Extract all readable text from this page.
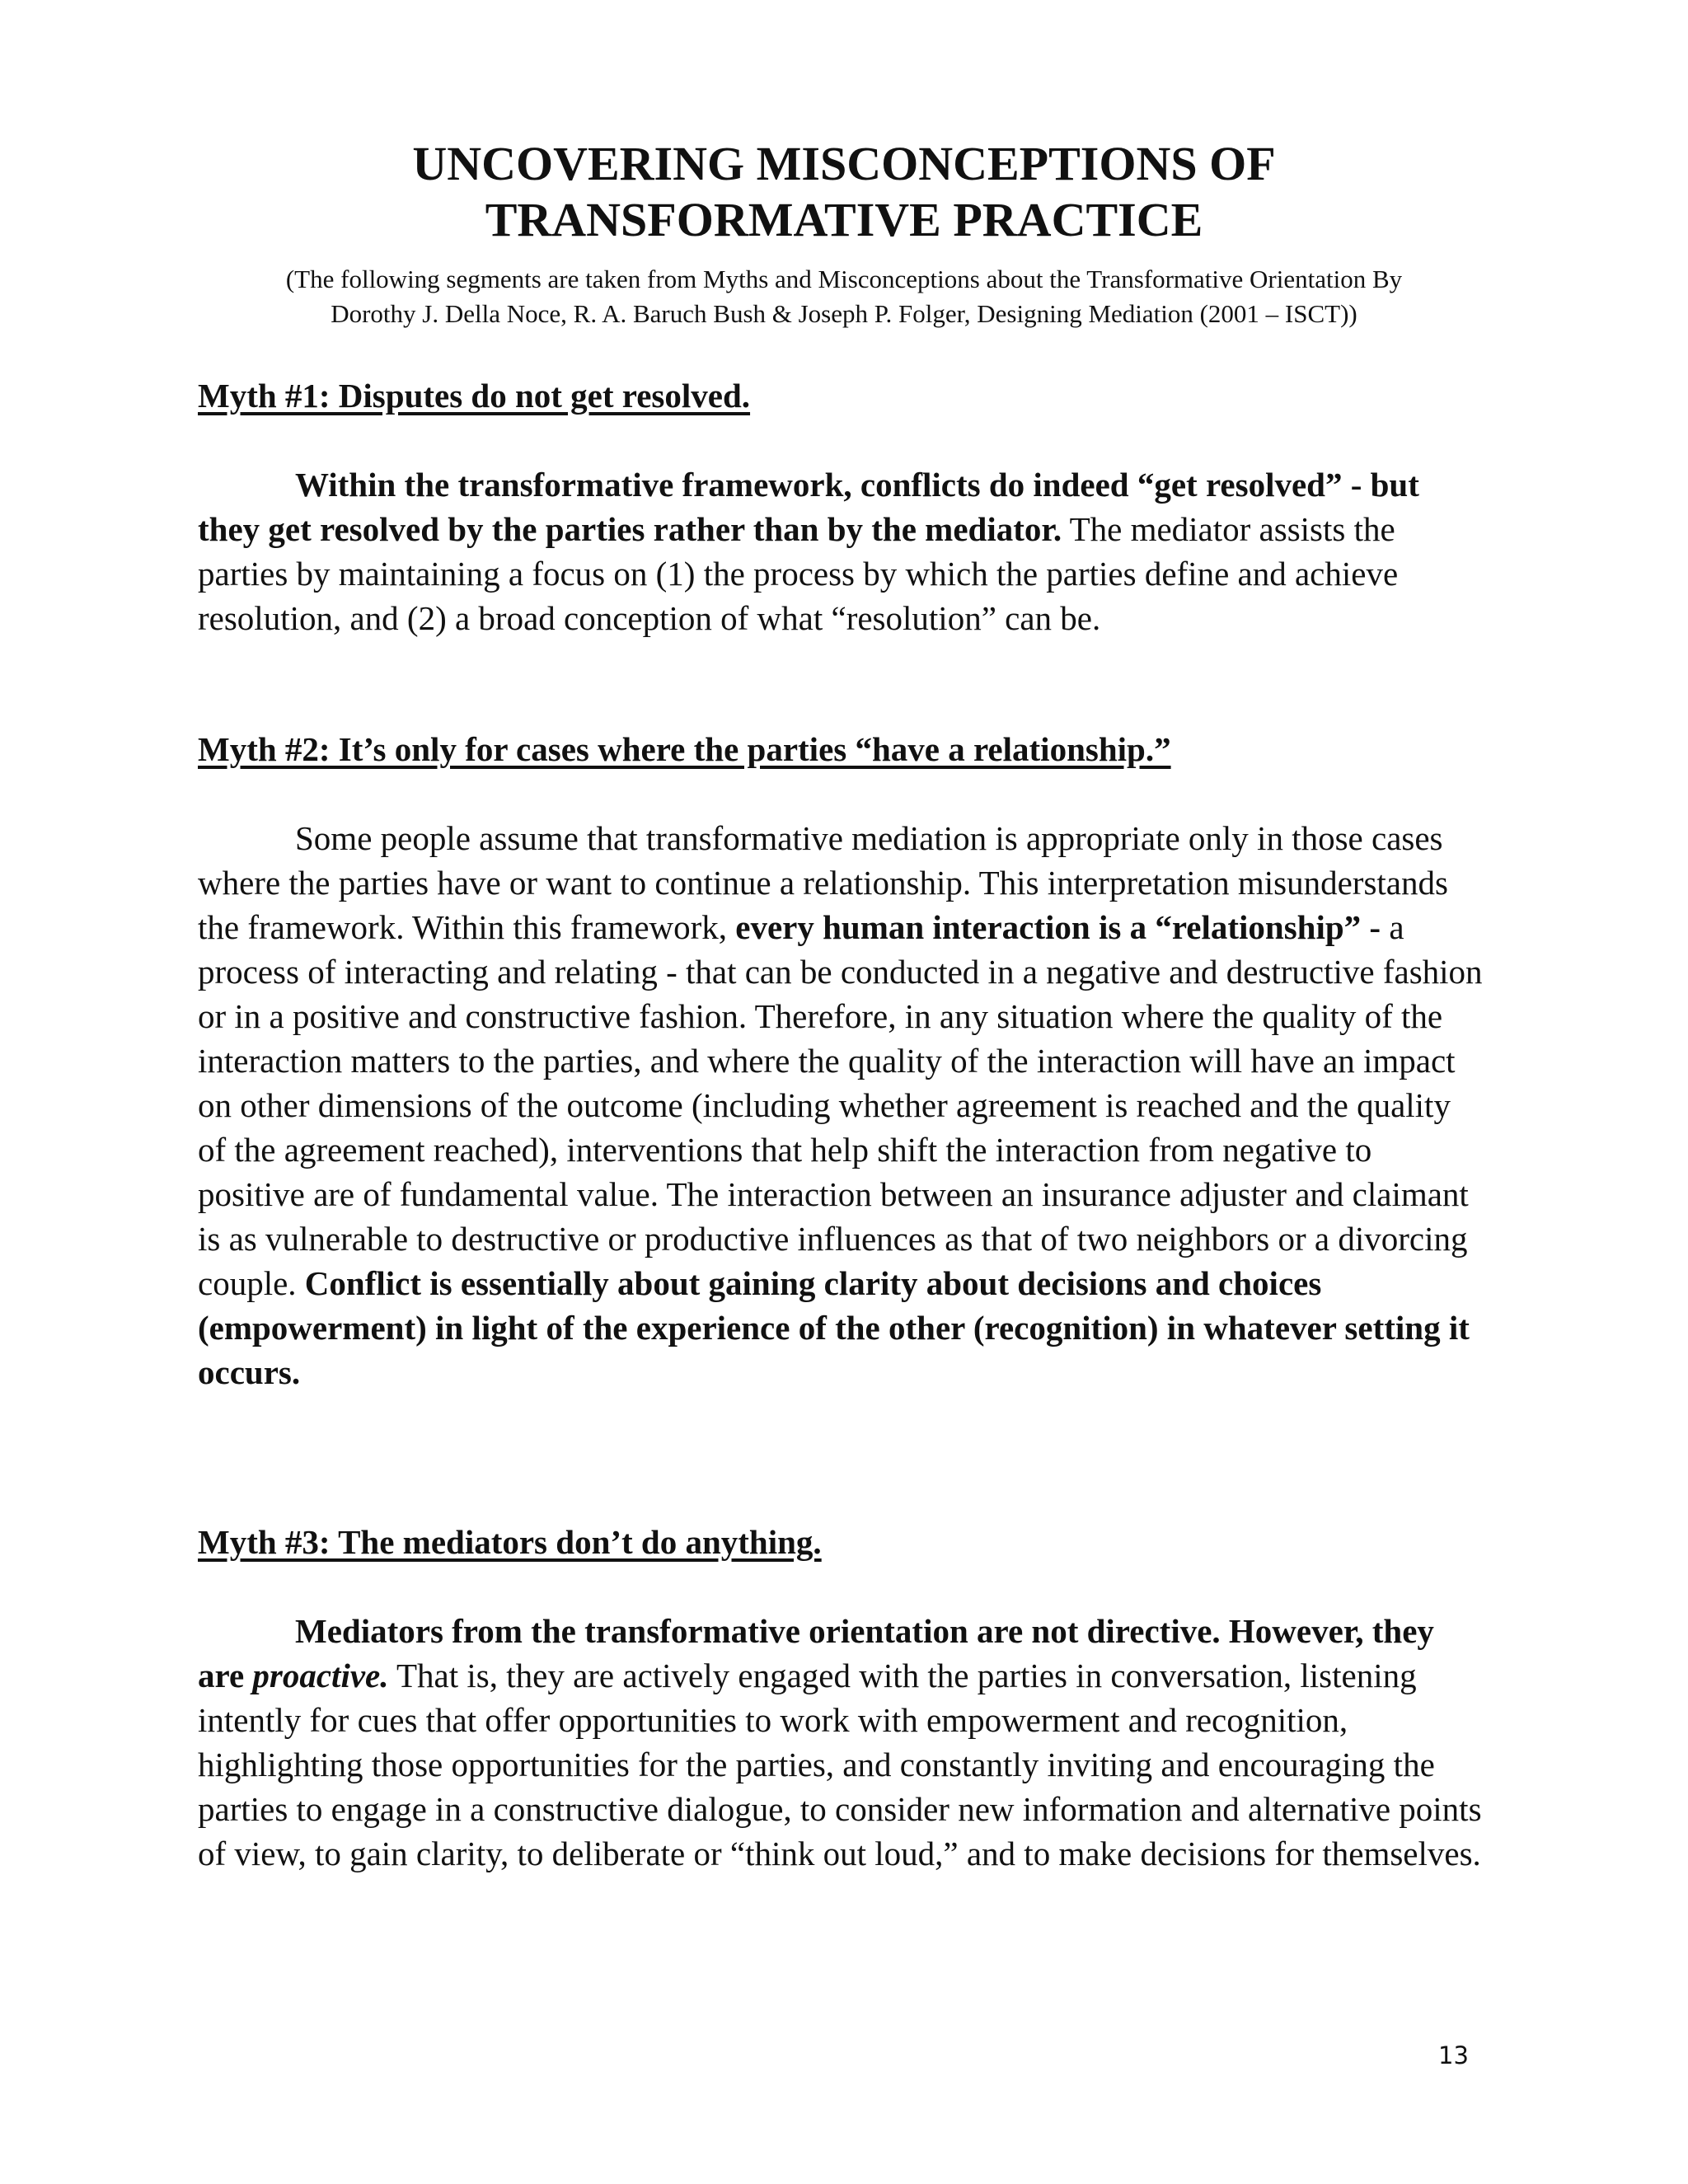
UNCOVERING MISCONCEPTIONS OF
TRANSFORMATIVE PRACTICE

(The following segments are taken from Myths and Misconceptions about the Transformative Orientation By
Dorothy J. Della Noce, R. A. Baruch Bush & Joseph P. Folger, Designing Mediation (2001 – ISCT))

Myth #1: Disputes do not get resolved.

Within the transformative framework, conflicts do indeed “get resolved” - but they get resolved by the parties rather than by the mediator. The mediator assists the parties by maintaining a focus on (1) the process by which the parties define and achieve resolution, and (2) a broad conception of what “resolution” can be.

Myth #2: It’s only for cases where the parties “have a relationship.”

Some people assume that transformative mediation is appropriate only in those cases where the parties have or want to continue a relationship. This interpretation misunderstands the framework. Within this framework, every human interaction is a “relationship” - a process of interacting and relating - that can be conducted in a negative and destructive fashion or in a positive and constructive fashion. Therefore, in any situation where the quality of the interaction matters to the parties, and where the quality of the interaction will have an impact on other dimensions of the outcome (including whether agreement is reached and the quality of the agreement reached), interventions that help shift the interaction from negative to positive are of fundamental value. The interaction between an insurance adjuster and claimant is as vulnerable to destructive or productive influences as that of two neighbors or a divorcing couple. Conflict is essentially about gaining clarity about decisions and choices (empowerment) in light of the experience of the other (recognition) in whatever setting it occurs.

Myth #3: The mediators don’t do anything.

Mediators from the transformative orientation are not directive. However, they are proactive. That is, they are actively engaged with the parties in conversation, listening intently for cues that offer opportunities to work with empowerment and recognition, highlighting those opportunities for the parties, and constantly inviting and encouraging the parties to engage in a constructive dialogue, to consider new information and alternative points of view, to gain clarity, to deliberate or “think out loud,” and to make decisions for themselves.

13
